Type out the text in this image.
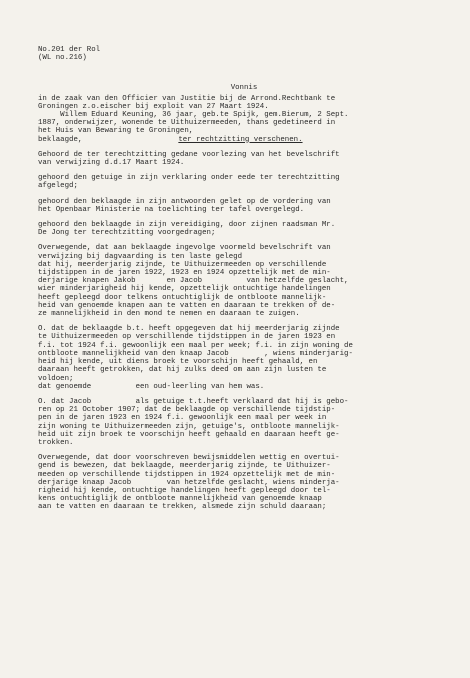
No.201 der Rol
(WL no.216)
Vonnis
in de zaak van den Officier van Justitie bij de Arrond.Rechtbank te
Groningen z.o.eischer bij exploit van 27 Maart 1924.
Willem Eduard Keuning, 36 jaar, geb.te Spijk, gem.Bierum, 2 Sept.
1887, onderwijzer, wonende te Uithuizermeeden, thans gedetineerd in
het Huis van Bewaring te Groningen,
beklaagde,	ter rechtzitting verschenen.
Gehoord de ter terechtzitting gedane voorlezing van het bevelschrift
van verwijzing d.d.17 Maart 1924.
gehoord den getuige in zijn verklaring onder eede ter terechtzitting
afgelegd;
gehoord den beklaagde in zijn antwoorden gelet op de vordering van
het Openbaar Ministerie na toelichting ter tafel overgelegd.
gehoord den beklaagde in zijn vereidiging, door zijnen raadsman Mr.
De Jong ter terechtzitting voorgedragen;
Overwegende, dat aan beklaagde ingevolge voormeld bevelschrift van
verwijzing bij dagvaarding is ten laste gelegd
dat hij, meerderjarig zijnde, te Uithuizermeeden op verschillende
tijdstippen in de jaren 1922, 1923 en 1924 opzettelijk met de min-
derjarige knapen Jakob       en Jacob          van hetzelfde geslacht,
wier minderjarigheid hij kende, opzettelijk ontuchtige handelingen
heeft gepleegd door telkens ontuchtiglijk de ontbloote mannelijk-
heid van genoemde knapen aan te vatten en daaraan te trekken of de-
ze mannelijkheid in den mond te nemen en daaraan te zuigen.
O. dat de beklaagde b.t. heeft opgegeven dat hij meerderjarig zijnde
te Uithuizermeeden op verschillende tijdstippen in de jaren 1923 en
f.i. tot 1924 f.i. gewoonlijk een maal per week; f.i. in zijn woning de
ontbloote mannelijkheid van den knaap Jacob        , wiens minderjarig-
heid hij kende, uit diens broek te voorschijn heeft gehaald, en
daaraan heeft getrokken, dat hij zulks deed om aan zijn lusten te
voldoen;
dat genoemde          een oud-leerling van hem was.
O. dat Jacob          als getuige t.t.heeft verklaard dat hij is gebo-
ren op 21 October 1907; dat de beklaagde op verschillende tijdstip-
pen in de jaren 1923 en 1924 f.i. gewoonlijk een maal per week in
zijn woning te Uithuizermeeden zijn, getuige's, ontbloote mannelijk-
heid uit zijn broek te voorschijn heeft gehaald en daaraan heeft ge-
trokken.
Overwegende, dat door voorschreven bewijsmiddelen wettig en overtui-
gend is bewezen, dat beklaagde, meerderjarig zijnde, te Uithuizer-
meeden op verschillende tijdstippen in 1924 opzettelijk met de min-
derjarige knaap Jacob        van hetzelfde geslacht, wiens minderja-
righeid hij kende, ontuchtige handelingen heeft gepleegd door tel-
kens ontuchtiglijk de ontbloote mannelijkheid van genoemde knaap
aan te vatten en daaraan te trekken, alsmede zijn schuld daaraan;
